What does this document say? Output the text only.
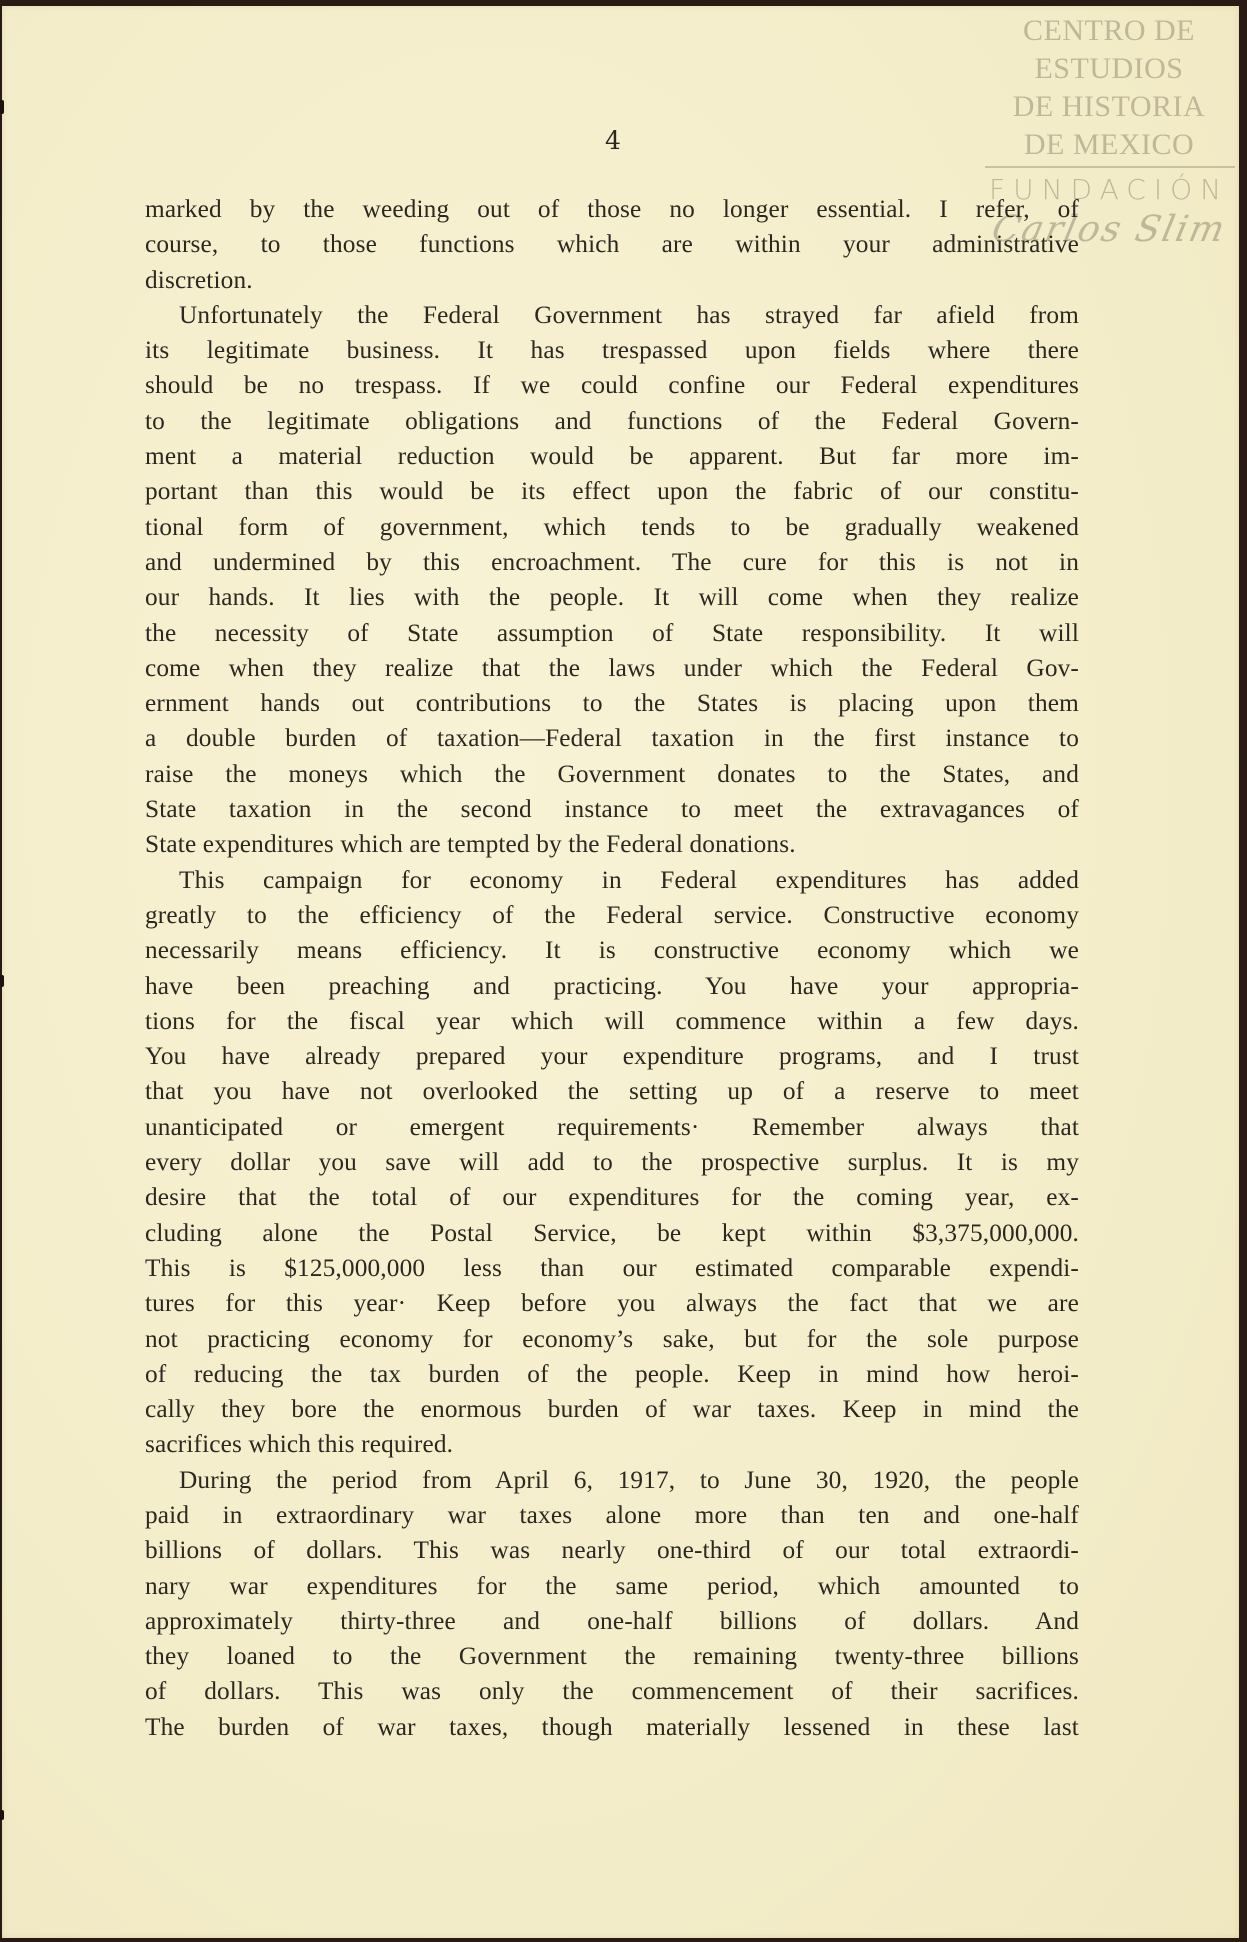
CENTRO DE
ESTUDIOS
DE HISTORIA
DE MEXICO
FUNDACIÓN
Carlos Slim
4
marked by the weeding out of those no longer essential. I refer, of
course, to those functions which are within your administrative
discretion.
Unfortunately the Federal Government has strayed far afield from
its legitimate business. It has trespassed upon fields where there
should be no trespass. If we could confine our Federal expenditures
to the legitimate obligations and functions of the Federal Govern-
ment a material reduction would be apparent. But far more im-
portant than this would be its effect upon the fabric of our constitu-
tional form of government, which tends to be gradually weakened
and undermined by this encroachment. The cure for this is not in
our hands. It lies with the people. It will come when they realize
the necessity of State assumption of State responsibility. It will
come when they realize that the laws under which the Federal Gov-
ernment hands out contributions to the States is placing upon them
a double burden of taxation—Federal taxation in the first instance to
raise the moneys which the Government donates to the States, and
State taxation in the second instance to meet the extravagances of
State expenditures which are tempted by the Federal donations.
This campaign for economy in Federal expenditures has added
greatly to the efficiency of the Federal service. Constructive economy
necessarily means efficiency. It is constructive economy which we
have been preaching and practicing. You have your appropria-
tions for the fiscal year which will commence within a few days.
You have already prepared your expenditure programs, and I trust
that you have not overlooked the setting up of a reserve to meet
unanticipated or emergent requirements· Remember always that
every dollar you save will add to the prospective surplus. It is my
desire that the total of our expenditures for the coming year, ex-
cluding alone the Postal Service, be kept within $3,375,000,000.
This is $125,000,000 less than our estimated comparable expendi-
tures for this year· Keep before you always the fact that we are
not practicing economy for economy’s sake, but for the sole purpose
of reducing the tax burden of the people. Keep in mind how heroi-
cally they bore the enormous burden of war taxes. Keep in mind the
sacrifices which this required.
During the period from April 6, 1917, to June 30, 1920, the people
paid in extraordinary war taxes alone more than ten and one-half
billions of dollars. This was nearly one-third of our total extraordi-
nary war expenditures for the same period, which amounted to
approximately thirty-three and one-half billions of dollars. And
they loaned to the Government the remaining twenty-three billions
of dollars. This was only the commencement of their sacrifices.
The burden of war taxes, though materially lessened in these last
